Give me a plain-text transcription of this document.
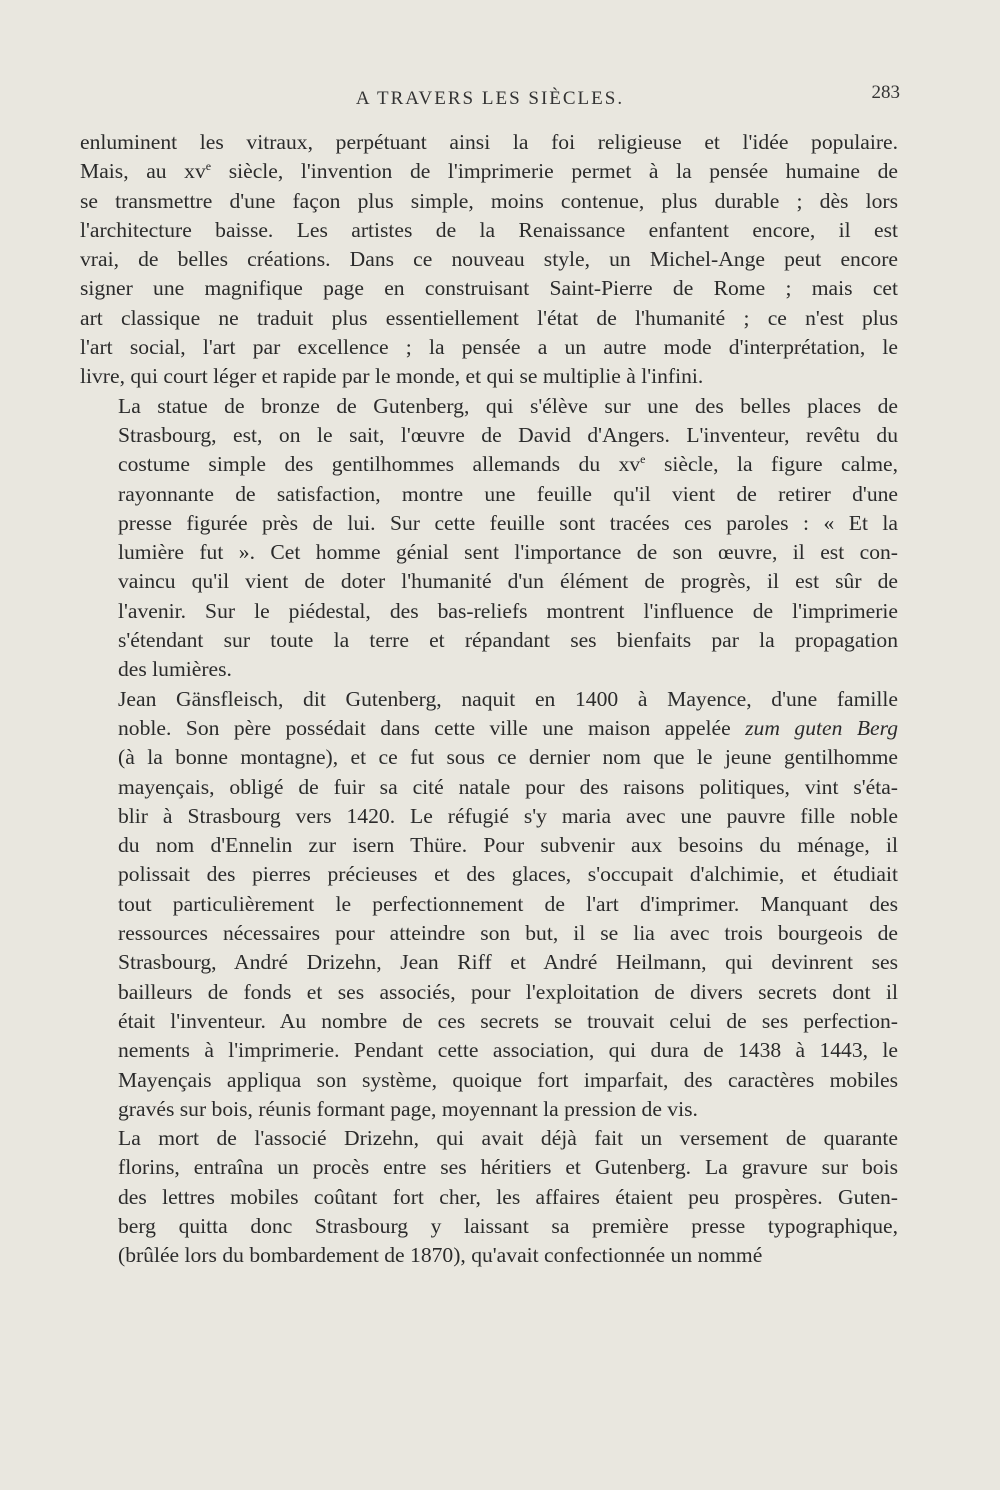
A TRAVERS LES SIÈCLES.	283
enluminent les vitraux, perpétuant ainsi la foi religieuse et l'idée populaire.
Mais, au $xv^e$ siècle, l'invention de l'imprimerie permet à la pensée humaine de
se transmettre d'une façon plus simple, moins contenue, plus durable ; dès lors
l'architecture baisse. Les artistes de la Renaissance enfantent encore, il est
vrai, de belles créations. Dans ce nouveau style, un Michel-Ange peut encore
signer une magnifique page en construisant Saint-Pierre de Rome ; mais cet
art classique ne traduit plus essentiellement l'état de l'humanité ; ce n'est plus
l'art social, l'art par excellence ; la pensée a un autre mode d'interprétation, le
livre, qui court léger et rapide par le monde, et qui se multiplie à l'infini.
La statue de bronze de Gutenberg, qui s'élève sur une des belles places de
Strasbourg, est, on le sait, l'œuvre de David d'Angers. L'inventeur, revêtu du
costume simple des gentilhommes allemands du $xv^e$ siècle, la figure calme,
rayonnante de satisfaction, montre une feuille qu'il vient de retirer d'une
presse figurée près de lui. Sur cette feuille sont tracées ces paroles : « Et la
lumière fut ». Cet homme génial sent l'importance de son œuvre, il est con-
vaincu qu'il vient de doter l'humanité d'un élément de progrès, il est sûr de
l'avenir. Sur le piédestal, des bas-reliefs montrent l'influence de l'imprimerie
s'étendant sur toute la terre et répandant ses bienfaits par la propagation
des lumières.
Jean Gänsfleisch, dit Gutenberg, naquit en 1400 à Mayence, d'une famille
noble. Son père possédait dans cette ville une maison appelée zum guten Berg
(à la bonne montagne), et ce fut sous ce dernier nom que le jeune gentilhomme
mayençais, obligé de fuir sa cité natale pour des raisons politiques, vint s'éta-
blir à Strasbourg vers 1420. Le réfugié s'y maria avec une pauvre fille noble
du nom d'Ennelin zur isern Thüre. Pour subvenir aux besoins du ménage, il
polissait des pierres précieuses et des glaces, s'occupait d'alchimie, et étudiait
tout particulièrement le perfectionnement de l'art d'imprimer. Manquant des
ressources nécessaires pour atteindre son but, il se lia avec trois bourgeois de
Strasbourg, André Drizehn, Jean Riff et André Heilmann, qui devinrent ses
bailleurs de fonds et ses associés, pour l'exploitation de divers secrets dont il
était l'inventeur. Au nombre de ces secrets se trouvait celui de ses perfection-
nements à l'imprimerie. Pendant cette association, qui dura de 1438 à 1443, le
Mayençais appliqua son système, quoique fort imparfait, des caractères mobiles
gravés sur bois, réunis formant page, moyennant la pression de vis.
La mort de l'associé Drizehn, qui avait déjà fait un versement de quarante
florins, entraîna un procès entre ses héritiers et Gutenberg. La gravure sur bois
des lettres mobiles coûtant fort cher, les affaires étaient peu prospères. Guten-
berg quitta donc Strasbourg y laissant sa première presse typographique,
(brûlée lors du bombardement de 1870), qu'avait confectionnée un nommé
